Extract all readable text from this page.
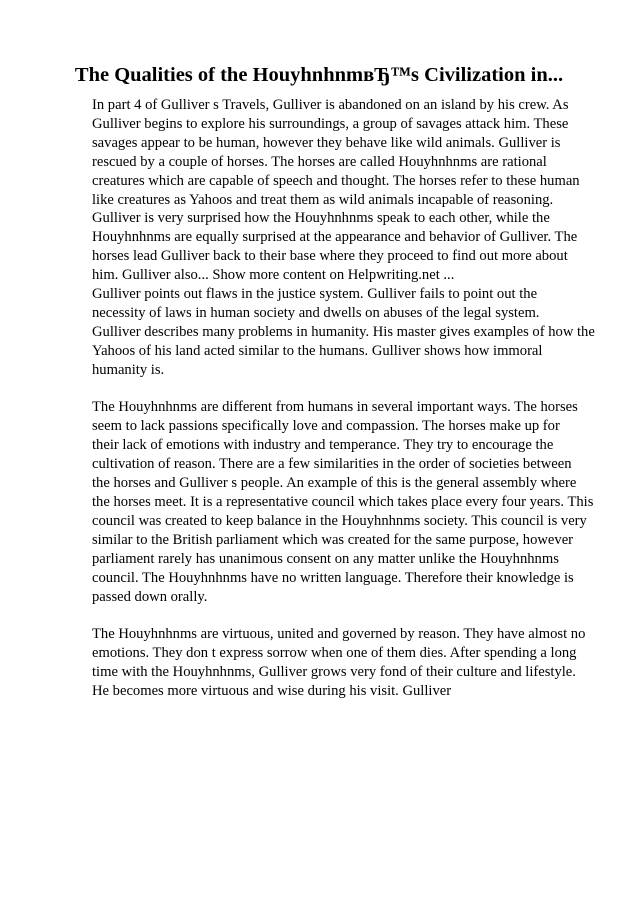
The Qualities of the HouyhnhnmвЂ™s Civilization in...

In part 4 of Gulliver s Travels, Gulliver is abandoned on an island by his crew. As
Gulliver begins to explore his surroundings, a group of savages attack him. These
savages appear to be human, however they behave like wild animals. Gulliver is
rescued by a couple of horses. The horses are called Houyhnhnms are rational
creatures which are capable of speech and thought. The horses refer to these human
like creatures as Yahoos and treat them as wild animals incapable of reasoning.
Gulliver is very surprised how the Houyhnhnms speak to each other, while the
Houyhnhnms are equally surprised at the appearance and behavior of Gulliver. The
horses lead Gulliver back to their base where they proceed to find out more about
him. Gulliver also... Show more content on Helpwriting.net ...
Gulliver points out flaws in the justice system. Gulliver fails to point out the
necessity of laws in human society and dwells on abuses of the legal system.
Gulliver describes many problems in humanity. His master gives examples of how the
Yahoos of his land acted similar to the humans. Gulliver shows how immoral
humanity is.

The Houyhnhnms are different from humans in several important ways. The horses
seem to lack passions specifically love and compassion. The horses make up for
their lack of emotions with industry and temperance. They try to encourage the
cultivation of reason. There are a few similarities in the order of societies between
the horses and Gulliver s people. An example of this is the general assembly where
the horses meet. It is a representative council which takes place every four years. This
council was created to keep balance in the Houyhnhnms society. This council is very
similar to the British parliament which was created for the same purpose, however
parliament rarely has unanimous consent on any matter unlike the Houyhnhnms
council. The Houyhnhnms have no written language. Therefore their knowledge is
passed down orally.

The Houyhnhnms are virtuous, united and governed by reason. They have almost no
emotions. They don t express sorrow when one of them dies. After spending a long
time with the Houyhnhnms, Gulliver grows very fond of their culture and lifestyle.
He becomes more virtuous and wise during his visit. Gulliver
